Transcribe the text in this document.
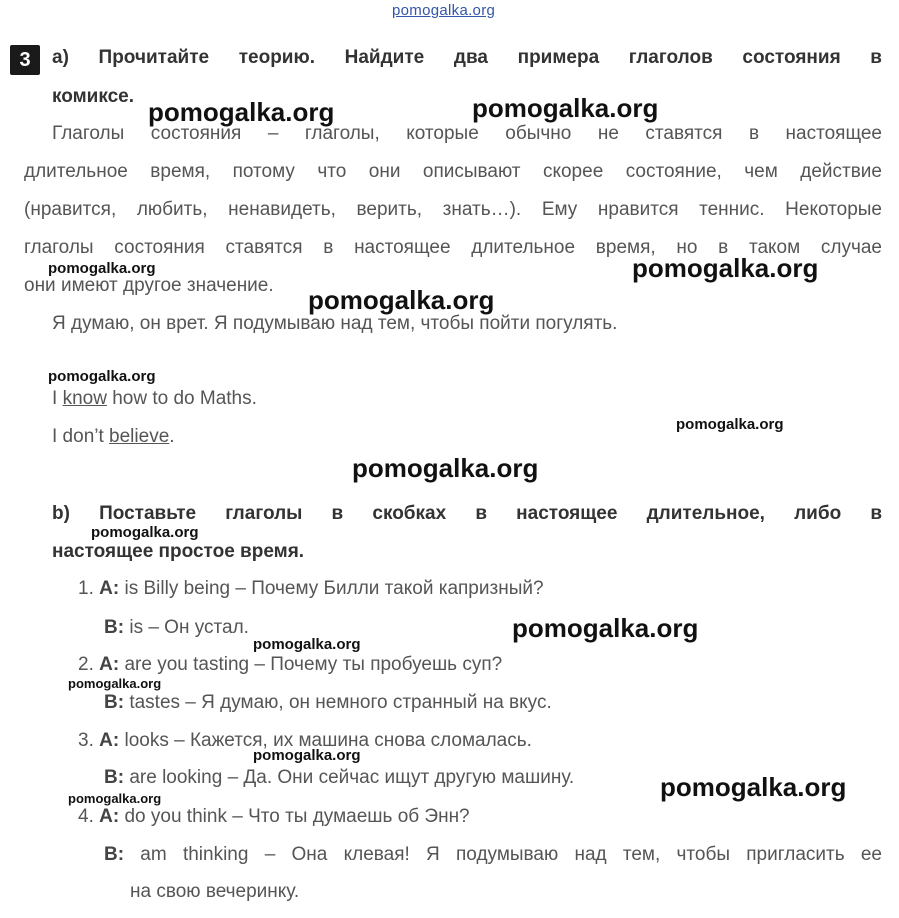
pomogalka.org
3	a) Прочитайте теорию. Найдите два примера глаголов состояния в
комиксе.
Глаголы состояния – глаголы, которые обычно не ставятся в настоящее
длительное время, потому что они описывают скорее состояние, чем действие
(нравится, любить, ненавидеть, верить, знать…). Ему нравится теннис. Некоторые
глаголы состояния ставятся в настоящее длительное время, но в таком случае
они имеют другое значение.
Я думаю, он врет. Я подумываю над тем, чтобы пойти погулять.
I know how to do Maths.
I don’t believe.
b) Поставьте глаголы в скобках в настоящее длительное, либо в
настоящее простое время.
1. A: is Billy being – Почему Билли такой капризный?
B: is – Он устал.
2. A: are you tasting – Почему ты пробуешь суп?
B: tastes – Я думаю, он немного странный на вкус.
3. A: looks – Кажется, их машина снова сломалась.
B: are looking – Да. Они сейчас ищут другую машину.
4. A: do you think – Что ты думаешь об Энн?
B: am thinking – Она клевая! Я подумываю над тем, чтобы пригласить ее
на свою вечеринку.
pomogalka.org	pomogalka.org
pomogalka.org	pomogalka.org
pomogalka.org
pomogalka.org
pomogalka.org
pomogalka.org
pomogalka.org
pomogalka.org
pomogalka.org
pomogalka.org
pomogalka.org
pomogalka.org
pomogalka.org
